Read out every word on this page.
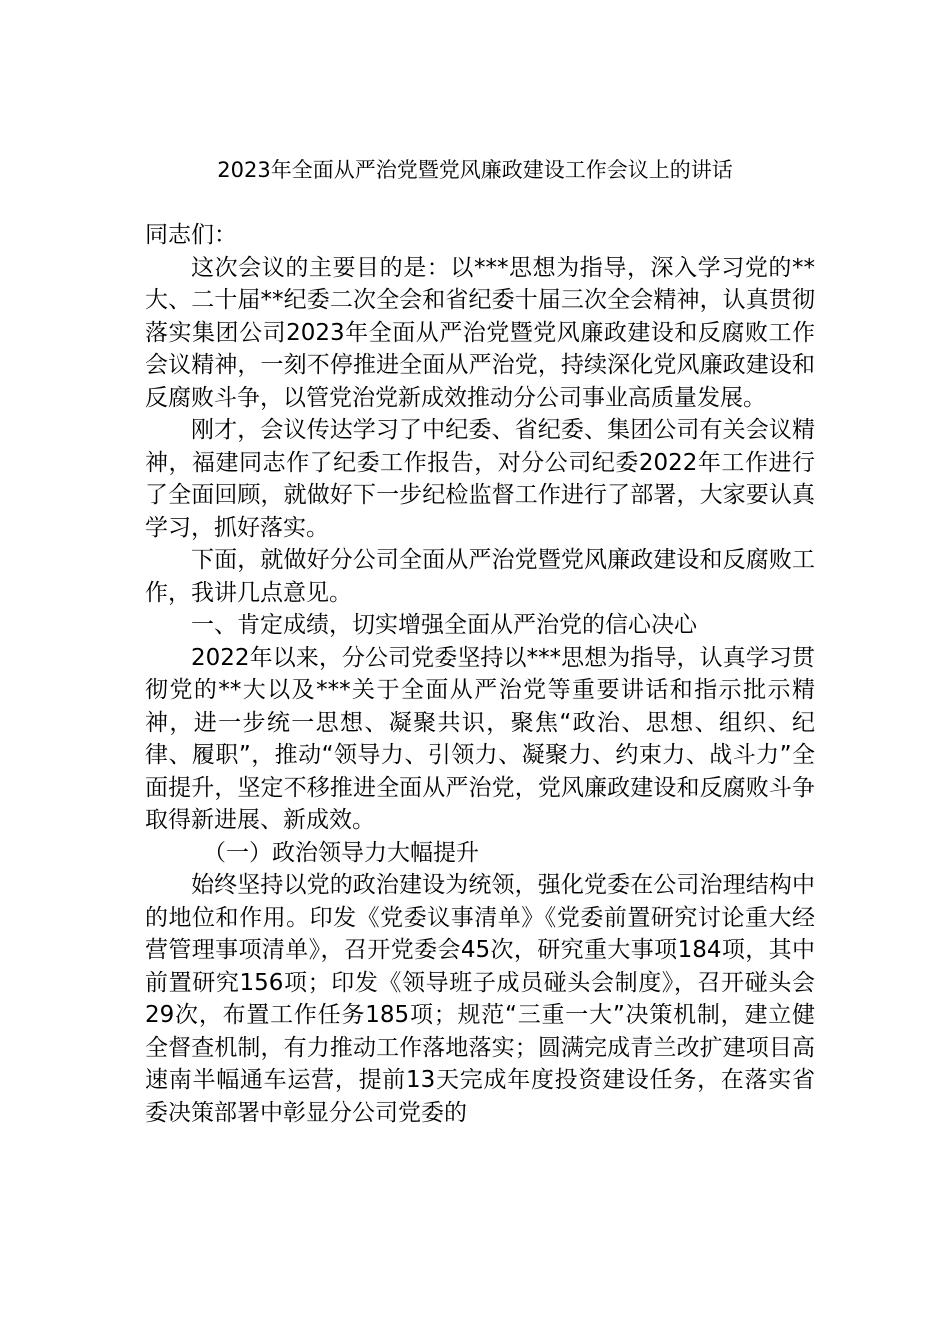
2023年全面从严治党暨党风廉政建设工作会议上的讲话

同志们：

这次会议的主要目的是：以***思想为指导，深入学习党的**大、二十届**纪委二次全会和省纪委十届三次全会精神，认真贯彻落实集团公司2023年全面从严治党暨党风廉政建设和反腐败工作会议精神，一刻不停推进全面从严治党，持续深化党风廉政建设和反腐败斗争，以管党治党新成效推动分公司事业高质量发展。

刚才，会议传达学习了中纪委、省纪委、集团公司有关会议精神，福建同志作了纪委工作报告，对分公司纪委2022年工作进行了全面回顾，就做好下一步纪检监督工作进行了部署，大家要认真学习，抓好落实。

下面，就做好分公司全面从严治党暨党风廉政建设和反腐败工作，我讲几点意见。

一、肯定成绩，切实增强全面从严治党的信心决心

2022年以来，分公司党委坚持以***思想为指导，认真学习贯彻党的**大以及***关于全面从严治党等重要讲话和指示批示精神，进一步统一思想、凝聚共识，聚焦“政治、思想、组织、纪律、履职”，推动“领导力、引领力、凝聚力、约束力、战斗力”全面提升，坚定不移推进全面从严治党，党风廉政建设和反腐败斗争取得新进展、新成效。

（一）政治领导力大幅提升

始终坚持以党的政治建设为统领，强化党委在公司治理结构中的地位和作用。印发《党委议事清单》《党委前置研究讨论重大经营管理事项清单》，召开党委会45次，研究重大事项184项，其中前置研究156项；印发《领导班子成员碰头会制度》，召开碰头会29次，布置工作任务185项；规范“三重一大”决策机制，建立健全督查机制，有力推动工作落地落实；圆满完成青兰改扩建项目高速南半幅通车运营，提前13天完成年度投资建设任务，在落实省委决策部署中彰显分公司党委的
